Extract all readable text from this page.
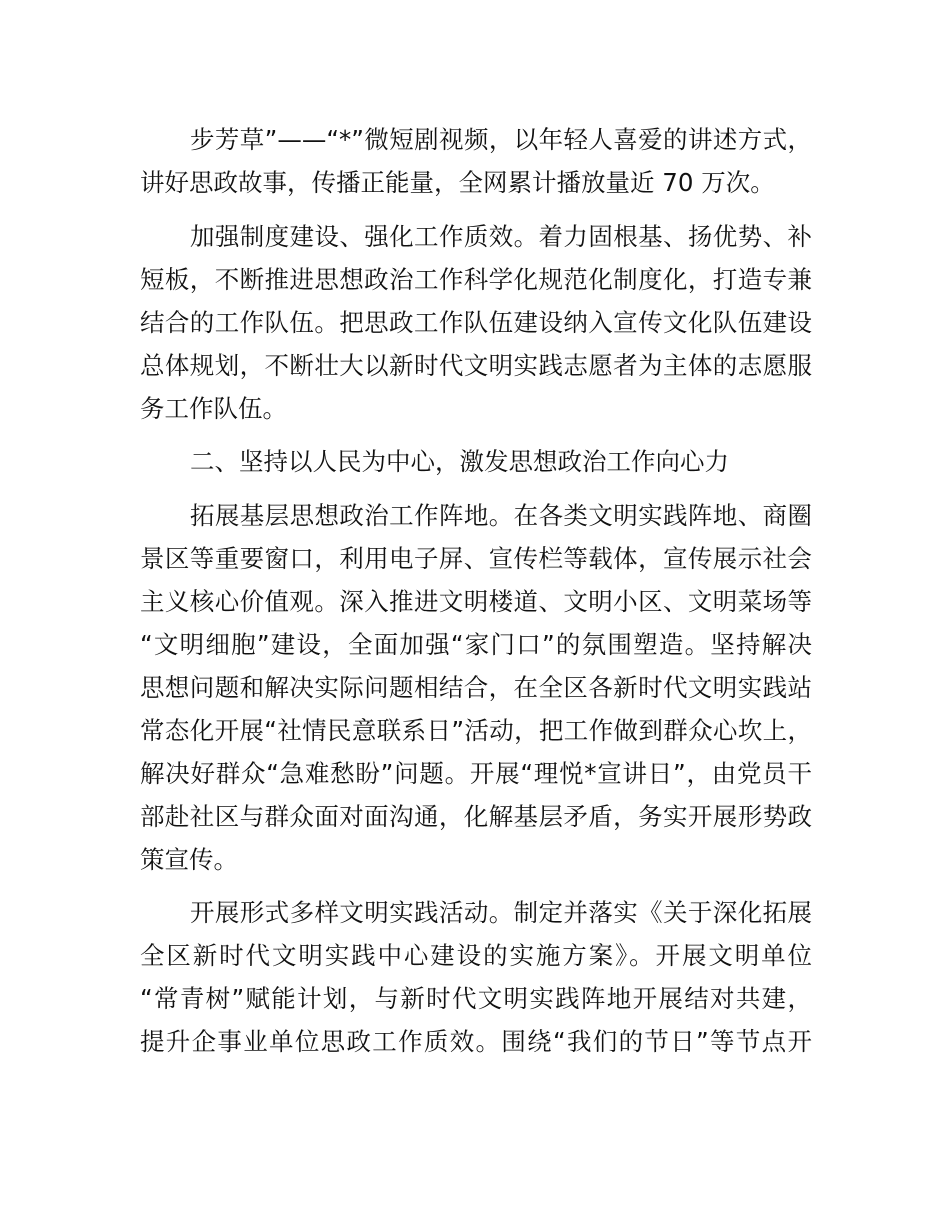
步芳草”——“*”微短剧视频，以年轻人喜爱的讲述方式，
讲好思政故事，传播正能量，全网累计播放量近 70 万次。
加强制度建设、强化工作质效。着力固根基、扬优势、补
短板，不断推进思想政治工作科学化规范化制度化，打造专兼
结合的工作队伍。把思政工作队伍建设纳入宣传文化队伍建设
总体规划，不断壮大以新时代文明实践志愿者为主体的志愿服
务工作队伍。
二、坚持以人民为中心，激发思想政治工作向心力
拓展基层思想政治工作阵地。在各类文明实践阵地、商圈
景区等重要窗口，利用电子屏、宣传栏等载体，宣传展示社会
主义核心价值观。深入推进文明楼道、文明小区、文明菜场等
“文明细胞”建设，全面加强“家门口”的氛围塑造。坚持解决
思想问题和解决实际问题相结合，在全区各新时代文明实践站
常态化开展“社情民意联系日”活动，把工作做到群众心坎上，
解决好群众“急难愁盼”问题。开展“理悦*宣讲日”，由党员干
部赴社区与群众面对面沟通，化解基层矛盾，务实开展形势政
策宣传。
开展形式多样文明实践活动。制定并落实《关于深化拓展
全区新时代文明实践中心建设的实施方案》。开展文明单位
“常青树”赋能计划，与新时代文明实践阵地开展结对共建，
提升企事业单位思政工作质效。围绕“我们的节日”等节点开
